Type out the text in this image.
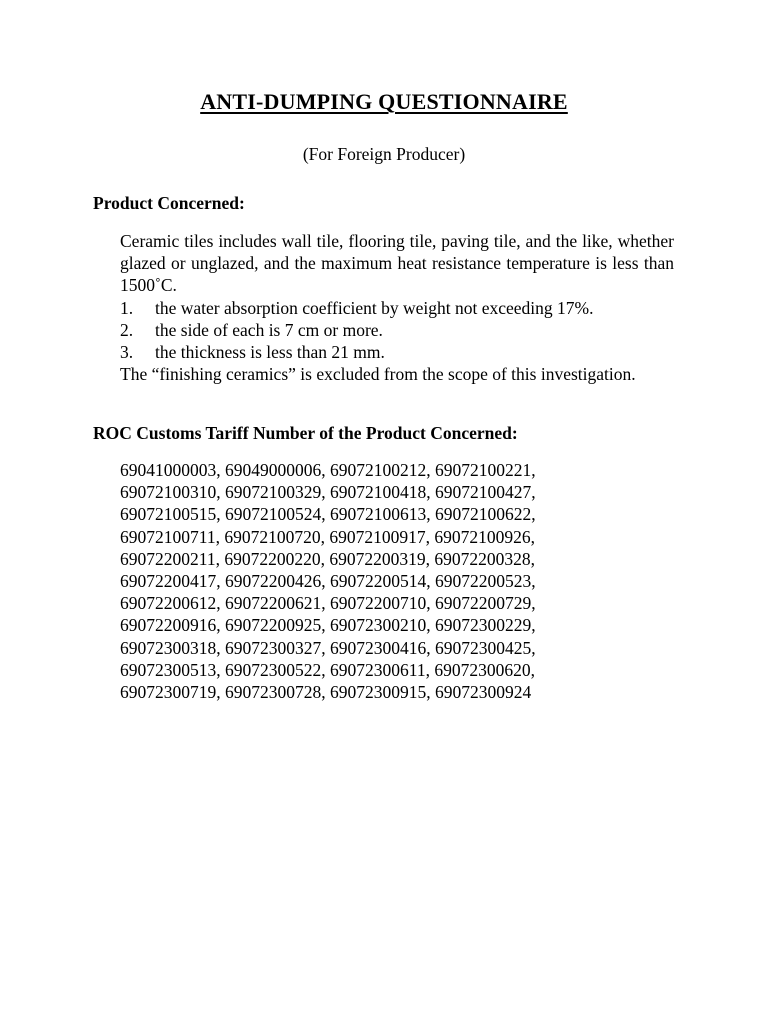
ANTI-DUMPING QUESTIONNAIRE
(For Foreign Producer)
Product Concerned:
Ceramic tiles includes wall tile, flooring tile, paving tile, and the like, whether glazed or unglazed, and the maximum heat resistance temperature is less than 1500˚C.
1.	the water absorption coefficient by weight not exceeding 17%.
2.	the side of each is 7 cm or more.
3.	the thickness is less than 21 mm.
The “finishing ceramics” is excluded from the scope of this investigation.
ROC Customs Tariff Number of the Product Concerned:
69041000003, 69049000006, 69072100212, 69072100221,
69072100310, 69072100329, 69072100418, 69072100427,
69072100515, 69072100524, 69072100613, 69072100622,
69072100711, 69072100720, 69072100917, 69072100926,
69072200211, 69072200220, 69072200319, 69072200328,
69072200417, 69072200426, 69072200514, 69072200523,
69072200612, 69072200621, 69072200710, 69072200729,
69072200916, 69072200925, 69072300210, 69072300229,
69072300318, 69072300327, 69072300416, 69072300425,
69072300513, 69072300522, 69072300611, 69072300620,
69072300719, 69072300728, 69072300915, 69072300924
